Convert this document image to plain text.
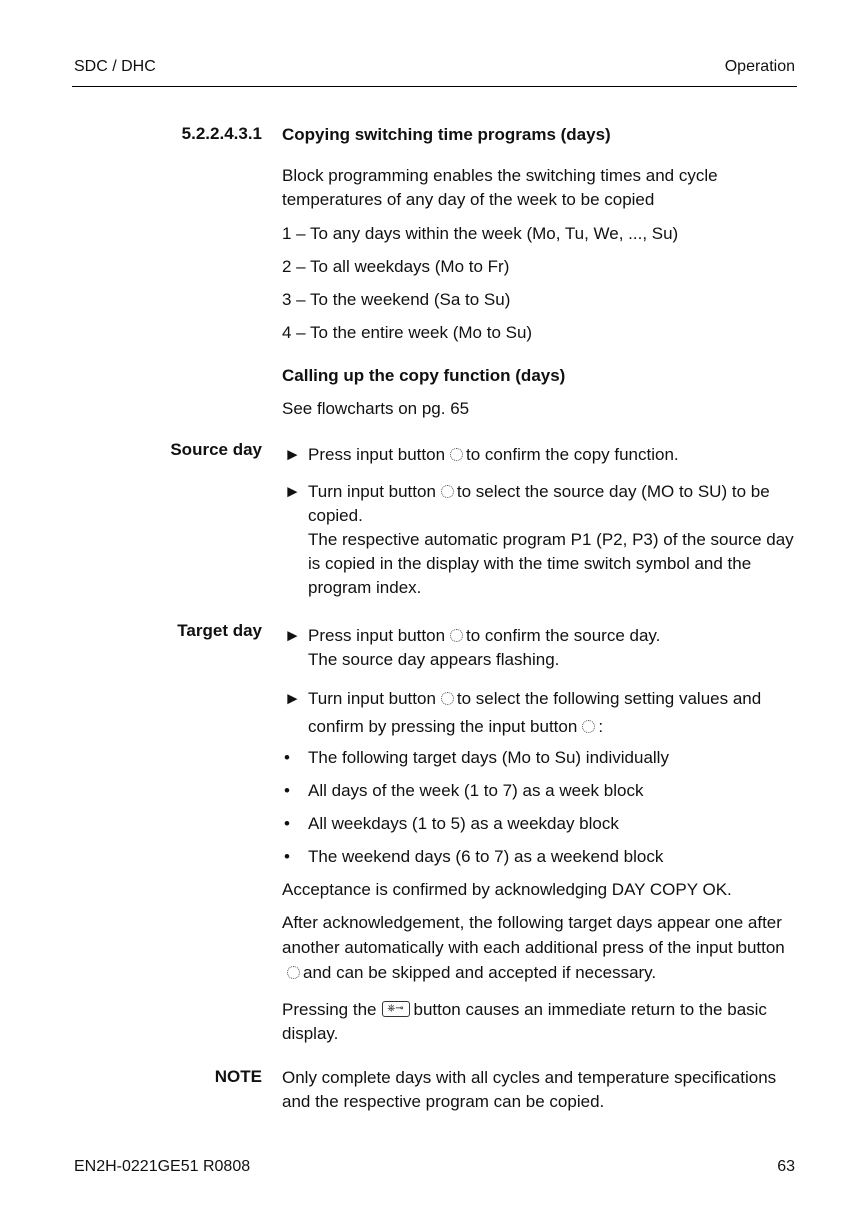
SDC / DHC	Operation
5.2.2.4.3.1 Copying switching time programs (days)
Block programming enables the switching times and cycle temperatures of any day of the week to be copied
1 – To any days within the week (Mo, Tu, We, ..., Su)
2 – To all weekdays (Mo to Fr)
3 – To the weekend (Sa to Su)
4 – To the entire week (Mo to Su)
Calling up the copy function (days)
See flowcharts on pg. 65
Source day ► Press input button to confirm the copy function.
► Turn input button to select the source day (MO to SU) to be copied.
The respective automatic program P1 (P2, P3) of the source day is copied in the display with the time switch symbol and the program index.
Target day ► Press input button to confirm the source day.
The source day appears flashing.
► Turn input button to select the following setting values and confirm by pressing the input button :
• The following target days (Mo to Su) individually
• All days of the week (1 to 7) as a week block
• All weekdays (1 to 5) as a weekday block
• The weekend days (6 to 7) as a weekend block
Acceptance is confirmed by acknowledging DAY COPY OK.
After acknowledgement, the following target days appear one after another automatically with each additional press of the input buttonand can be skipped and accepted if necessary.
Pressing the ⎈⊸ button causes an immediate return to the basic display.
NOTE Only complete days with all cycles and temperature specifications and the respective program can be copied.
EN2H-0221GE51 R0808	63
